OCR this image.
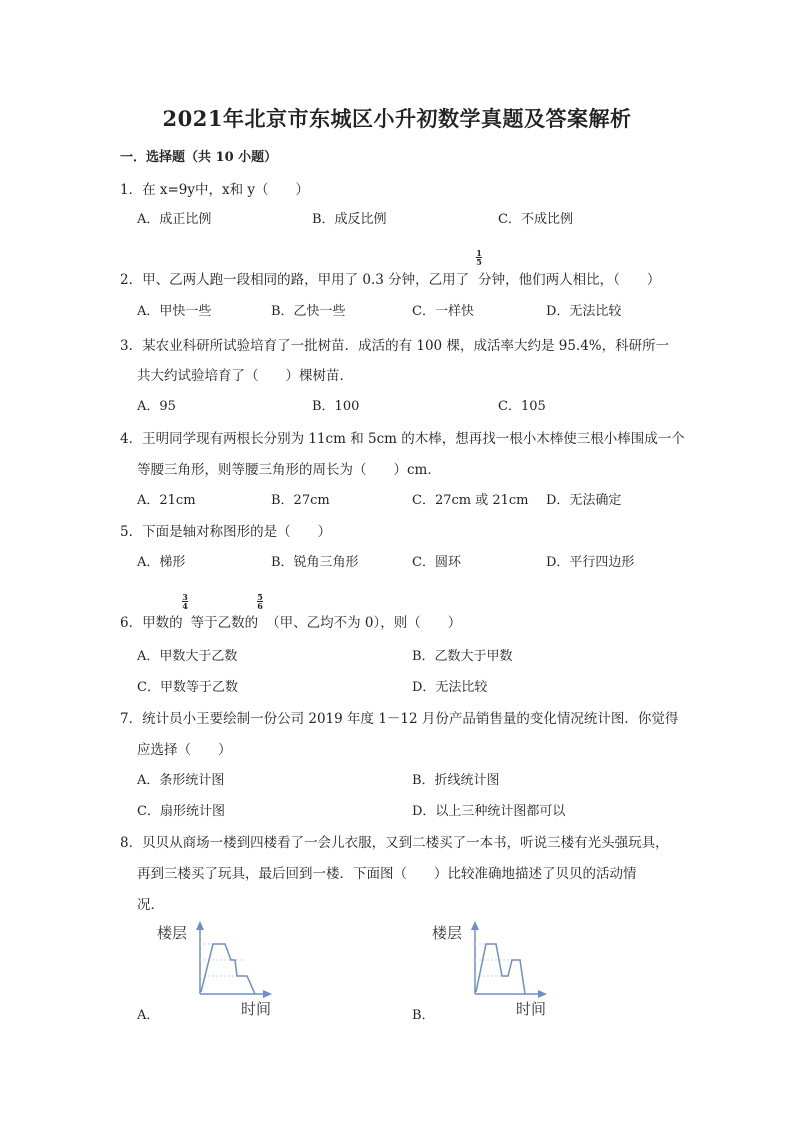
2021年北京市东城区小升初数学真题及答案解析
一．选择题（共 10 小题）
1．在 x=9y中，x和 y（　　）
A．成正比例	B．成反比例	C．不成比例
2．甲、乙两人跑一段相同的路，甲用了 0.3 分钟，乙用了 分钟，他们两人相比，（　　）
1
5
A．甲快一些	B．乙快一些	C．一样快	D．无法比较
3．某农业科研所试验培育了一批树苗．成活的有 100 棵，成活率大约是 95.4%，科研所一
共大约试验培育了（　　）棵树苗．
A．95	B．100	C．105
4．王明同学现有两根长分别为 11cm 和 5cm 的木棒，想再找一根小木棒使三根小棒围成一个
等腰三角形，则等腰三角形的周长为（　　）cm．
A．21cm	B．27cm	C．27cm 或 21cm D．无法确定
5．下面是轴对称图形的是（　　）
A．梯形	B．锐角三角形	C．圆环	D．平行四边形
6．甲数的 等于乙数的 （甲、乙均不为 0），则（　　）
3
4
5
6
A．甲数大于乙数	B．乙数大于甲数
C．甲数等于乙数	D．无法比较
7．统计员小王要绘制一份公司 2019 年度 1－12 月份产品销售量的变化情况统计图．你觉得
应选择（　　）
A．条形统计图	B．折线统计图
C．扇形统计图	D．以上三种统计图都可以
8．贝贝从商场一楼到四楼看了一会儿衣服，又到二楼买了一本书，听说三楼有光头强玩具，
再到三楼买了玩具，最后回到一楼．下面图（　　）比较准确地描述了贝贝的活动情
况．
楼层
时间
A．
楼层
时间
B．
